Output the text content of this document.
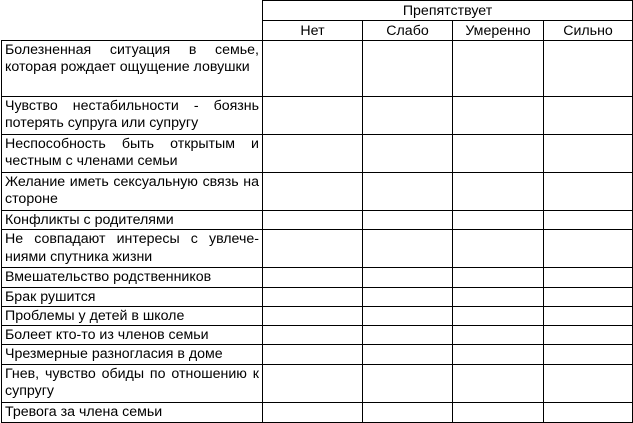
	Препятствует			
	Нет	Слабо	Умеренно	Сильно
Болезненная ситуация в семье, которая рождает ощущение ловушки				
Чувство нестабильности - боязнь потерять супруга или супругу				
Неспособность быть открытым и честным с членами семьи				
Желание иметь сексуальную связь на стороне				
Конфликты с родителями				
Не совпадают интересы с увлечениями спутника жизни				
Вмешательство родственников				
Брак рушится				
Проблемы у детей в школе				
Болеет кто-то из членов семьи				
Чрезмерные разногласия в доме				
Гнев, чувство обиды по отношению к супругу				
Тревога за члена семьи				
